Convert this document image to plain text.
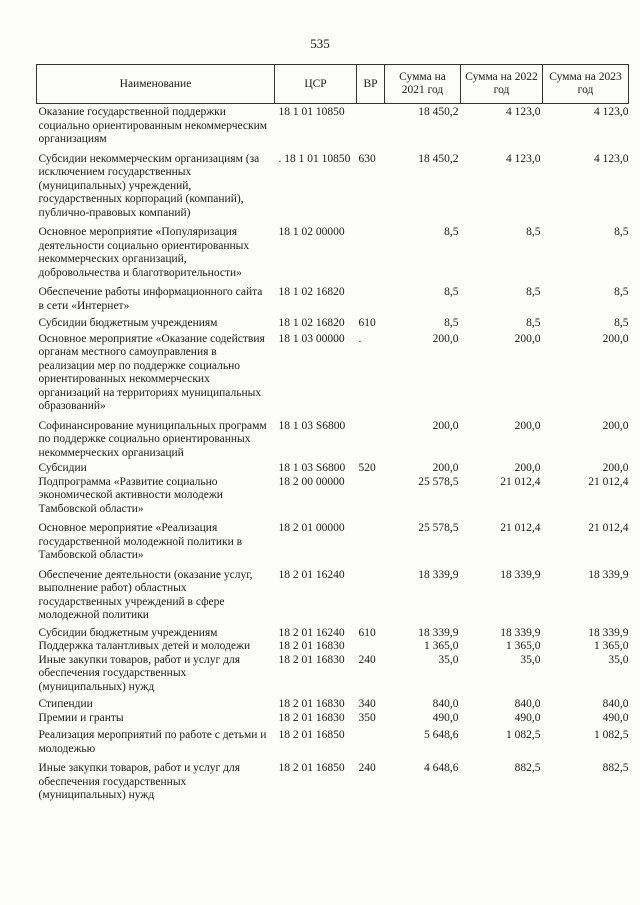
535
Наименование	ЦСР	ВР	Сумма на 2021 год	Сумма на 2022 год	Сумма на 2023 год
Оказание государственной поддержки социально ориентированным некоммерческим организациям	18 1 01 10850		18 450,2	4 123,0	4 123,0
Субсидии некоммерческим организациям (за исключением государственных (муниципальных) учреждений, государственных корпораций (компаний), публично-правовых компаний)	. 18 1 01 10850	630	18 450,2	4 123,0	4 123,0
Основное мероприятие «Популяризация деятельности социально ориентированных некоммерческих организаций, добровольчества и благотворительности»	18 1 02 00000		8,5	8,5	8,5
Обеспечение работы информационного сайта в сети «Интернет»	18 1 02 16820		8,5	8,5	8,5
Субсидии бюджетным учреждениям	18 1 02 16820	610	8,5	8,5	8,5
Основное мероприятие «Оказание содействия органам местного самоуправления в реализации мер по поддержке социально ориентированных некоммерческих организаций на территориях муниципальных образований»	18 1 03 00000	.	200,0	200,0	200,0
Софинансирование муниципальных программ по поддержке социально ориентированных некоммерческих организаций	18 1 03 S6800		200,0	200,0	200,0
Субсидии	18 1 03 S6800	520	200,0	200,0	200,0
Подпрограмма «Развитие социально экономической активности молодежи Тамбовской области»	18 2 00 00000		25 578,5	21 012,4	21 012,4
Основное мероприятие «Реализация государственной молодежной политики в Тамбовской области»	18 2 01 00000		25 578,5	21 012,4	21 012,4
Обеспечение деятельности (оказание услуг, выполнение работ) областных государственных учреждений в сфере молодежной политики	18 2 01 16240		18 339,9	18 339,9	18 339,9
Субсидии бюджетным учреждениям	18 2 01 16240	610	18 339,9	18 339,9	18 339,9
Поддержка талантливых детей и молодежи	18 2 01 16830		1 365,0	1 365,0	1 365,0
Иные закупки товаров, работ и услуг для обеспечения государственных (муниципальных) нужд	18 2 01 16830	240	35,0	35,0	35,0
Стипендии	18 2 01 16830	340	840,0	840,0	840,0
Премии и гранты	18 2 01 16830	350	490,0	490,0	490,0
Реализация мероприятий по работе с детьми и молодежью	18 2 01 16850		5 648,6	1 082,5	1 082,5
Иные закупки товаров, работ и услуг для обеспечения государственных (муниципальных) нужд	18 2 01 16850	240	4 648,6	882,5	882,5
